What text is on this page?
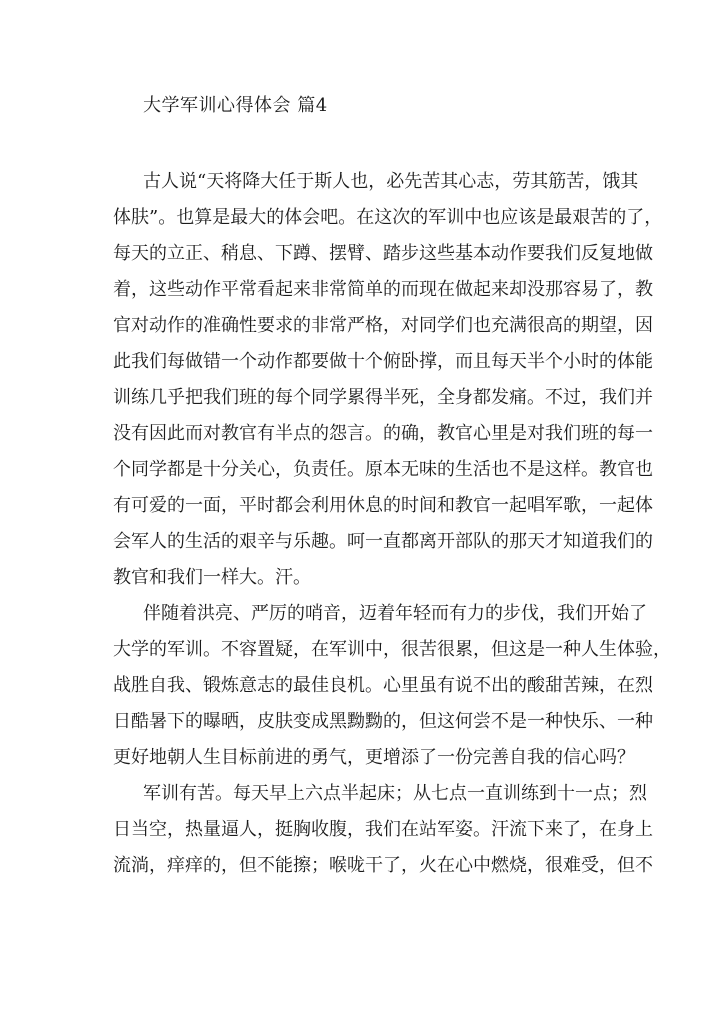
大学军训心得体会 篇4
古人说“天将降大任于斯人也，必先苦其心志，劳其筋苦，饿其
体肤”。也算是最大的体会吧。在这次的军训中也应该是最艰苦的了，
每天的立正、稍息、下蹲、摆臂、踏步这些基本动作要我们反复地做
着，这些动作平常看起来非常简单的而现在做起来却没那容易了，教
官对动作的准确性要求的非常严格，对同学们也充满很高的期望，因
此我们每做错一个动作都要做十个俯卧撑，而且每天半个小时的体能
训练几乎把我们班的每个同学累得半死，全身都发痛。不过，我们并
没有因此而对教官有半点的怨言。的确，教官心里是对我们班的每一
个同学都是十分关心，负责任。原本无味的生活也不是这样。教官也
有可爱的一面，平时都会利用休息的时间和教官一起唱军歌，一起体
会军人的生活的艰辛与乐趣。呵一直都离开部队的那天才知道我们的
教官和我们一样大。汗。
伴随着洪亮、严厉的哨音，迈着年轻而有力的步伐，我们开始了
大学的军训。不容置疑，在军训中，很苦很累，但这是一种人生体验，
战胜自我、锻炼意志的最佳良机。心里虽有说不出的酸甜苦辣，在烈
日酷暑下的曝晒，皮肤变成黑黝黝的，但这何尝不是一种快乐、一种
更好地朝人生目标前进的勇气，更增添了一份完善自我的信心吗？
军训有苦。每天早上六点半起床；从七点一直训练到十一点；烈
日当空，热量逼人，挺胸收腹，我们在站军姿。汗流下来了，在身上
流淌，痒痒的，但不能擦；喉咙干了，火在心中燃烧，很难受，但不
